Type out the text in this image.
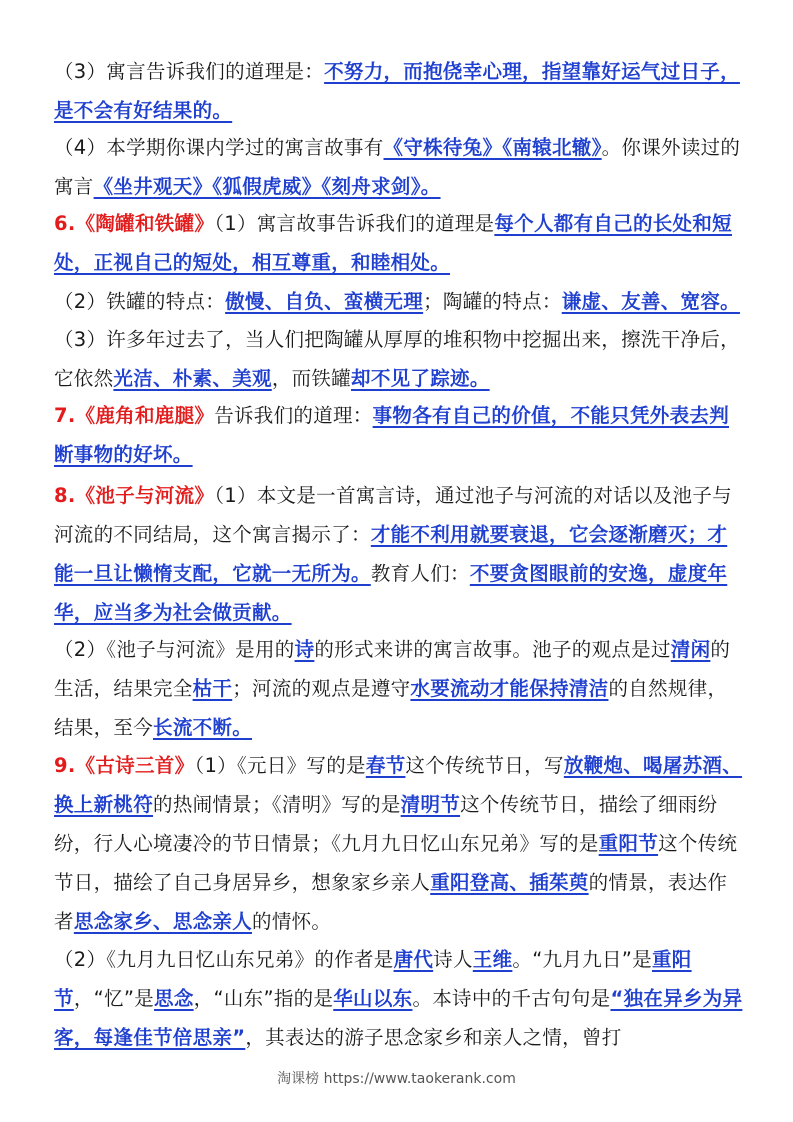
（3）寓言告诉我们的道理是：不努力，而抱侥幸心理，指望靠好运气过日子，是不会有好结果的。

（4）本学期你课内学过的寓言故事有《守株待兔》《南辕北辙》。你课外读过的寓言《坐井观天》《狐假虎威》《刻舟求剑》。

6.《陶罐和铁罐》（1）寓言故事告诉我们的道理是每个人都有自己的长处和短处，正视自己的短处，相互尊重，和睦相处。

（2）铁罐的特点：傲慢、自负、蛮横无理；陶罐的特点：谦虚、友善、宽容。

（3）许多年过去了，当人们把陶罐从厚厚的堆积物中挖掘出来，擦洗干净后，它依然光洁、朴素、美观，而铁罐却不见了踪迹。

7.《鹿角和鹿腿》告诉我们的道理：事物各有自己的价值，不能只凭外表去判断事物的好坏。

8.《池子与河流》（1）本文是一首寓言诗，通过池子与河流的对话以及池子与河流的不同结局，这个寓言揭示了：才能不利用就要衰退，它会逐渐磨灭；才能一旦让懒惰支配，它就一无所为。教育人们：不要贪图眼前的安逸，虚度年华，应当多为社会做贡献。

（2）《池子与河流》是用的诗的形式来讲的寓言故事。池子的观点是过清闲的生活，结果完全枯干；河流的观点是遵守水要流动才能保持清洁的自然规律，结果，至今长流不断。

9.《古诗三首》（1）《元日》写的是春节这个传统节日，写放鞭炮、喝屠苏酒、换上新桃符的热闹情景；《清明》写的是清明节这个传统节日，描绘了细雨纷纷，行人心境凄冷的节日情景；《九月九日忆山东兄弟》写的是重阳节这个传统节日，描绘了自己身居异乡，想象家乡亲人重阳登高、插茱萸的情景，表达作者思念家乡、思念亲人的情怀。

（2）《九月九日忆山东兄弟》的作者是唐代诗人王维。“九月九日”是重阳节，“忆”是思念，“山东”指的是华山以东。本诗中的千古句句是“独在异乡为异客，每逢佳节倍思亲”，其表达的游子思念家乡和亲人之情，曾打

淘课榜 https://www.taokerank.com
